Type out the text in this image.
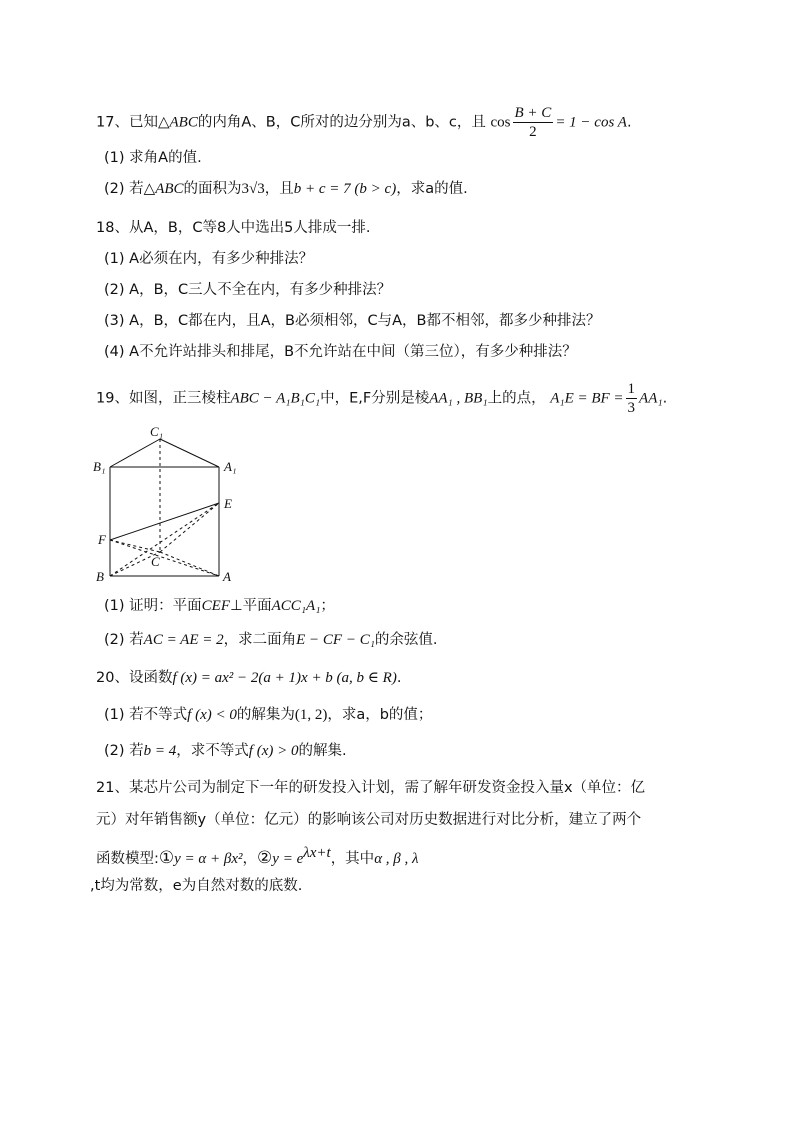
17、已知△ABC的内角A、B，C所对的边分别为a、b、c，且 $\cos \frac{B + C}{2} = 1 - \cos A$.
(1) 求角A的值.
(2) 若△ABC的面积为3√3，且b + c = 7 (b > c)，求a的值.
18、从A，B，C等8人中选出5人排成一排.
(1) A必须在内，有多少种排法？
(2) A，B，C三人不全在内，有多少种排法？
(3) A，B，C都在内，且A，B必须相邻，C与A，B都不相邻，都多少种排法？
(4) A不允许站排头和排尾，B不允许站在中间（第三位），有多少种排法？
19、如图，正三棱柱ABC − A₁B₁C₁中，E,F分别是棱AA₁ , BB₁上的点， A₁E = BF = $\frac{1}{3} AA_1$.
C₁
B₁	A₁
E
F
C
B	A
(1) 证明：平面CEF⊥平面ACC₁A₁；
(2) 若AC = AE = 2，求二面角E − CF − C₁的余弦值.
20、设函数f (x) = ax² − 2(a + 1)x + b (a, b ∈ R).
(1) 若不等式f (x) < 0的解集为(1, 2)，求a，b的值；
(2) 若b = 4，求不等式f (x) > 0的解集.
21、某芯片公司为制定下一年的研发投入计划，需了解年研发资金投入量x（单位：亿
元）对年销售额y（单位：亿元）的影响该公司对历史数据进行对比分析，建立了两个
函数模型:①y = α + βx²，②y = $e^{\lambda x+t}$，其中α , β , λ
,t均为常数，e为自然对数的底数.
